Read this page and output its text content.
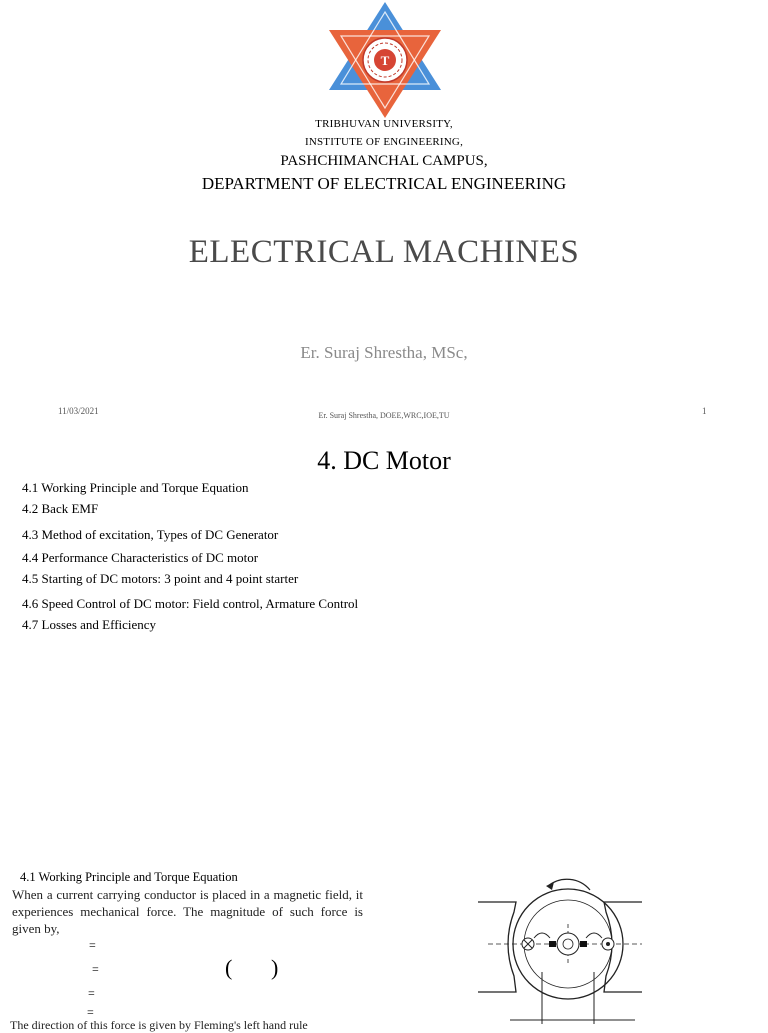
T
TRIBHUVAN UNIVERSITY,
INSTITUTE OF ENGINEERING,
PASHCHIMANCHAL CAMPUS,
DEPARTMENT OF ELECTRICAL ENGINEERING
ELECTRICAL MACHINES
Er. Suraj Shrestha, MSc,
11/03/2021	Er. Suraj Shrestha, DOEE,WRC,IOE,TU	1
4. DC Motor
4.1 Working Principle and Torque Equation
4.2 Back EMF
4.3 Method of excitation, Types of DC Generator
4.4 Performance Characteristics of DC motor
4.5 Starting of DC motors: 3 point and 4 point starter
4.6 Speed Control of DC motor: Field control, Armature Control
4.7 Losses and Efficiency
4.1 Working Principle and Torque Equation
When a current carrying conductor is placed in a magnetic field, it experiences mechanical force. The magnitude of such force is given by,
=
=	( )
=
=
The direction of this force is given by Fleming's left hand rule
